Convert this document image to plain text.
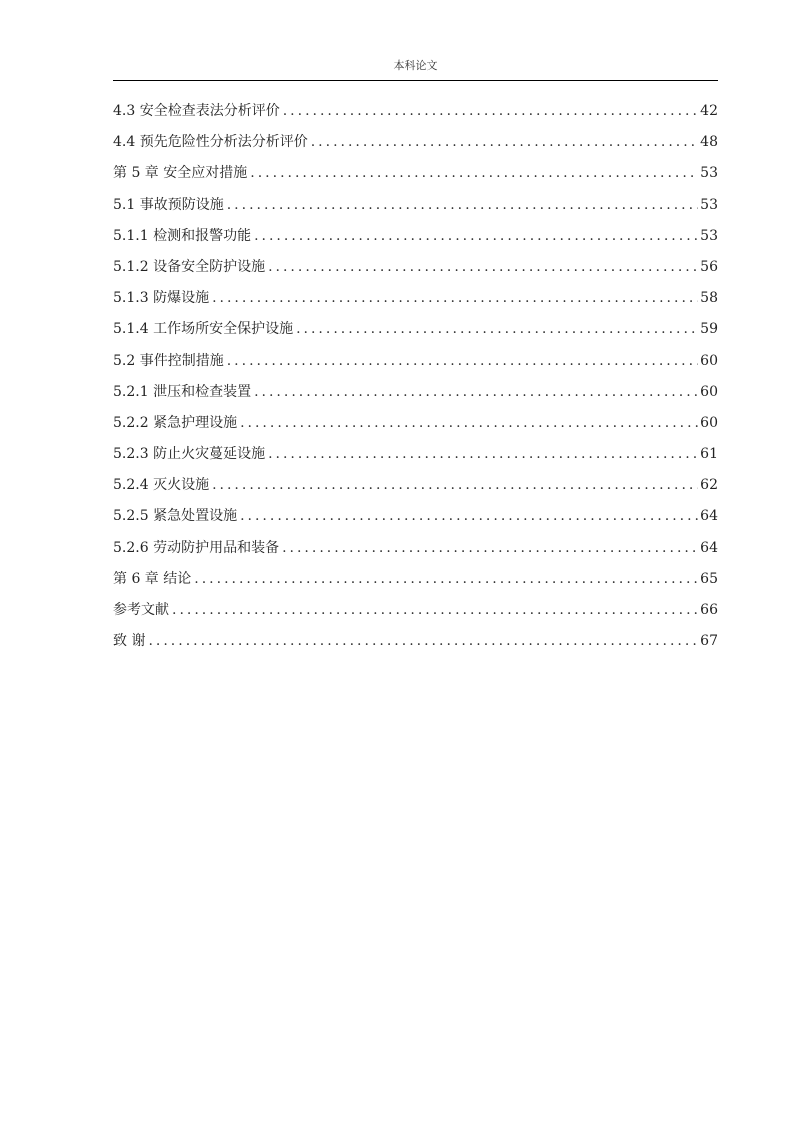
本科论文
4.3 安全检查表法分析评价 .....	42
4.4 预先危险性分析法分析评价 .....	48
第 5 章 安全应对措施 .....	53
5.1 事故预防设施 .....	53
5.1.1 检测和报警功能 .....	53
5.1.2 设备安全防护设施 .....	56
5.1.3 防爆设施 .....	58
5.1.4 工作场所安全保护设施 .....	59
5.2 事件控制措施 .....	60
5.2.1 泄压和检查装置 .....	60
5.2.2 紧急护理设施 .....	60
5.2.3 防止火灾蔓延设施 .....	61
5.2.4 灭火设施 .....	62
5.2.5 紧急处置设施 .....	64
5.2.6 劳动防护用品和装备 .....	64
第 6 章 结论 .....	65
参考文献 .....	66
致 谢 .....	67
